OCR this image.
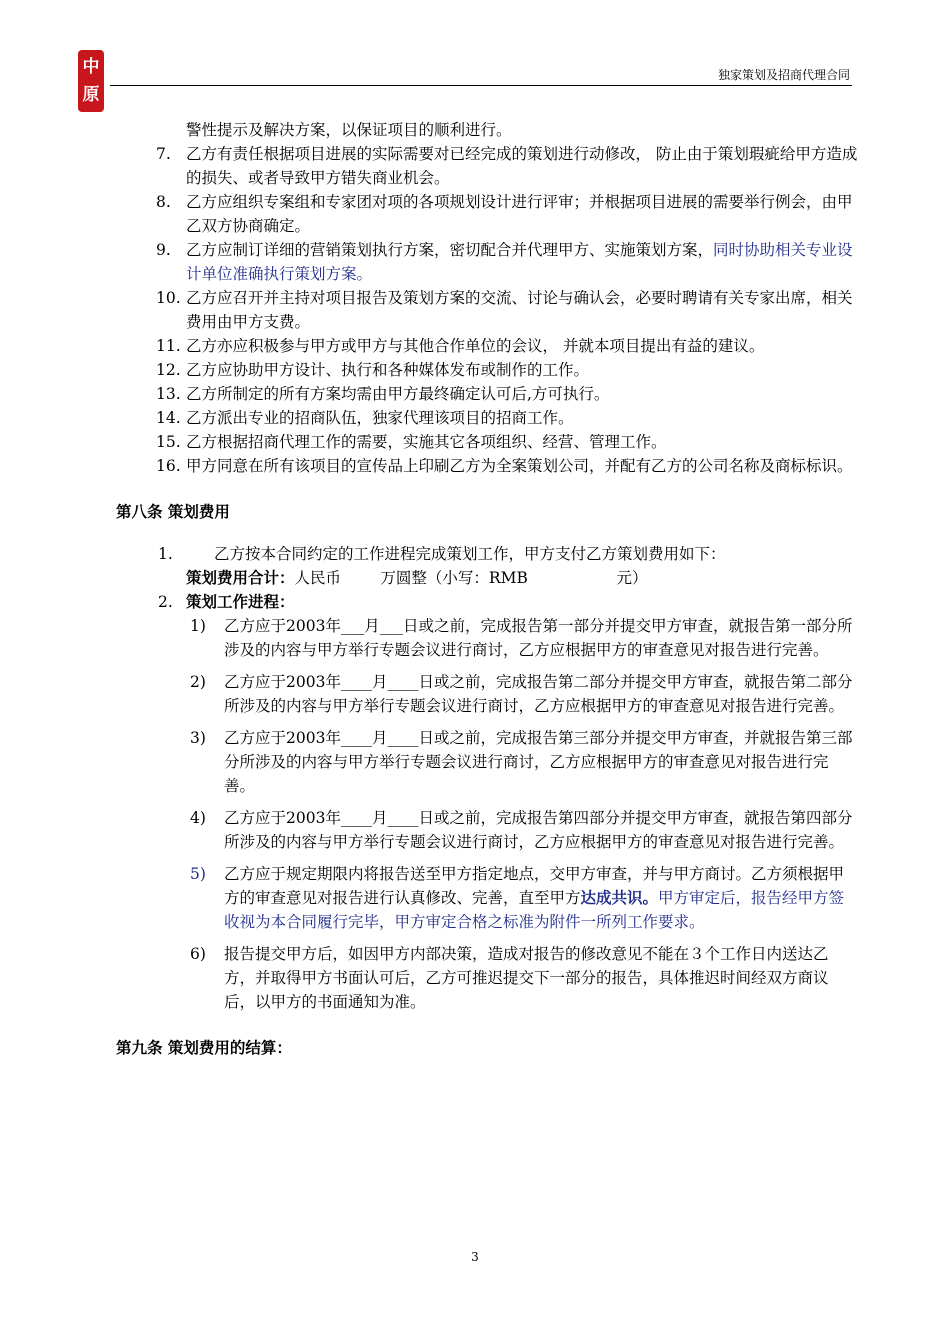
中
原
独家策划及招商代理合同
警性提示及解决方案，以保证项目的顺利进行。
7. 乙方有责任根据项目进展的实际需要对已经完成的策划进行动修改， 防止由于策划瑕疵给甲方造成的损失、或者导致甲方错失商业机会。
8. 乙方应组织专案组和专家团对项的各项规划设计进行评审；并根据项目进展的需要举行例会，由甲乙双方协商确定。
9. 乙方应制订详细的营销策划执行方案，密切配合并代理甲方、实施策划方案，同时协助相关专业设计单位准确执行策划方案。
10. 乙方应召开并主持对项目报告及策划方案的交流、讨论与确认会，必要时聘请有关专家出席，相关费用由甲方支费。
11. 乙方亦应积极参与甲方或甲方与其他合作单位的会议， 并就本项目提出有益的建议。
12. 乙方应协助甲方设计、执行和各种媒体发布或制作的工作。
13. 乙方所制定的所有方案均需由甲方最终确定认可后,方可执行。
14. 乙方派出专业的招商队伍，独家代理该项目的招商工作。
15. 乙方根据招商代理工作的需要，实施其它各项组织、经营、管理工作。
16. 甲方同意在所有该项目的宣传品上印刷乙方为全案策划公司，并配有乙方的公司名称及商标标识。
第八条 策划费用
1.	乙方按本合同约定的工作进程完成策划工作，甲方支付乙方策划费用如下：
策划费用合计：人民币        万圆整（小写：RMB                  元）
2. 策划工作进程：
1) 乙方应于2003年___月___日或之前，完成报告第一部分并提交甲方审查，就报告第一部分所涉及的内容与甲方举行专题会议进行商讨，乙方应根据甲方的审查意见对报告进行完善。
2) 乙方应于2003年____月____日或之前，完成报告第二部分并提交甲方审查，就报告第二部分所涉及的内容与甲方举行专题会议进行商讨，乙方应根据甲方的审查意见对报告进行完善。
3) 乙方应于2003年____月____日或之前，完成报告第三部分并提交甲方审查，并就报告第三部分所涉及的内容与甲方举行专题会议进行商讨，乙方应根据甲方的审查意见对报告进行完善。
4) 乙方应于2003年____月____日或之前，完成报告第四部分并提交甲方审查，就报告第四部分所涉及的内容与甲方举行专题会议进行商讨，乙方应根据甲方的审查意见对报告进行完善。
5) 乙方应于规定期限内将报告送至甲方指定地点，交甲方审查，并与甲方商讨。乙方须根据甲方的审查意见对报告进行认真修改、完善，直至甲方达成共识。甲方审定后，报告经甲方签收视为本合同履行完毕，甲方审定合格之标准为附件一所列工作要求。
6) 报告提交甲方后，如因甲方内部决策，造成对报告的修改意见不能在３个工作日内送达乙方，并取得甲方书面认可后，乙方可推迟提交下一部分的报告，具体推迟时间经双方商议后，以甲方的书面通知为准。
第九条 策划费用的结算：
3
